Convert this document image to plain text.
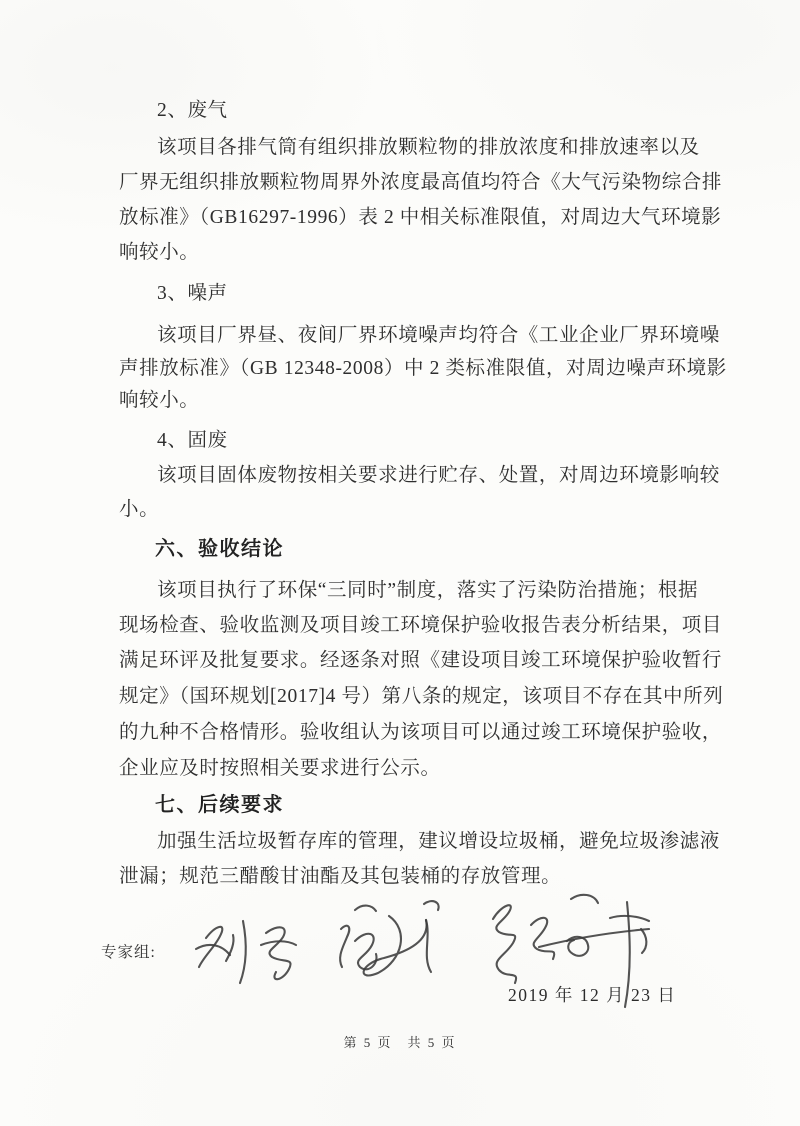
2、废气
该项目各排气筒有组织排放颗粒物的排放浓度和排放速率以及
厂界无组织排放颗粒物周界外浓度最高值均符合《大气污染物综合排
放标准》（GB16297-1996）表 2 中相关标准限值，对周边大气环境影
响较小。
3、噪声
该项目厂界昼、夜间厂界环境噪声均符合《工业企业厂界环境噪
声排放标准》（GB 12348-2008）中 2 类标准限值，对周边噪声环境影
响较小。
4、固废
该项目固体废物按相关要求进行贮存、处置，对周边环境影响较
小。
六、验收结论
该项目执行了环保“三同时”制度，落实了污染防治措施；根据
现场检查、验收监测及项目竣工环境保护验收报告表分析结果，项目
满足环评及批复要求。经逐条对照《建设项目竣工环境保护验收暂行
规定》（国环规划[2017]4 号）第八条的规定，该项目不存在其中所列
的九种不合格情形。验收组认为该项目可以通过竣工环境保护验收，
企业应及时按照相关要求进行公示。
七、后续要求
加强生活垃圾暂存库的管理，建议增设垃圾桶，避免垃圾渗滤液
泄漏；规范三醋酸甘油酯及其包装桶的存放管理。
专家组:
2019 年 12 月 23 日
第 5 页　共 5 页
